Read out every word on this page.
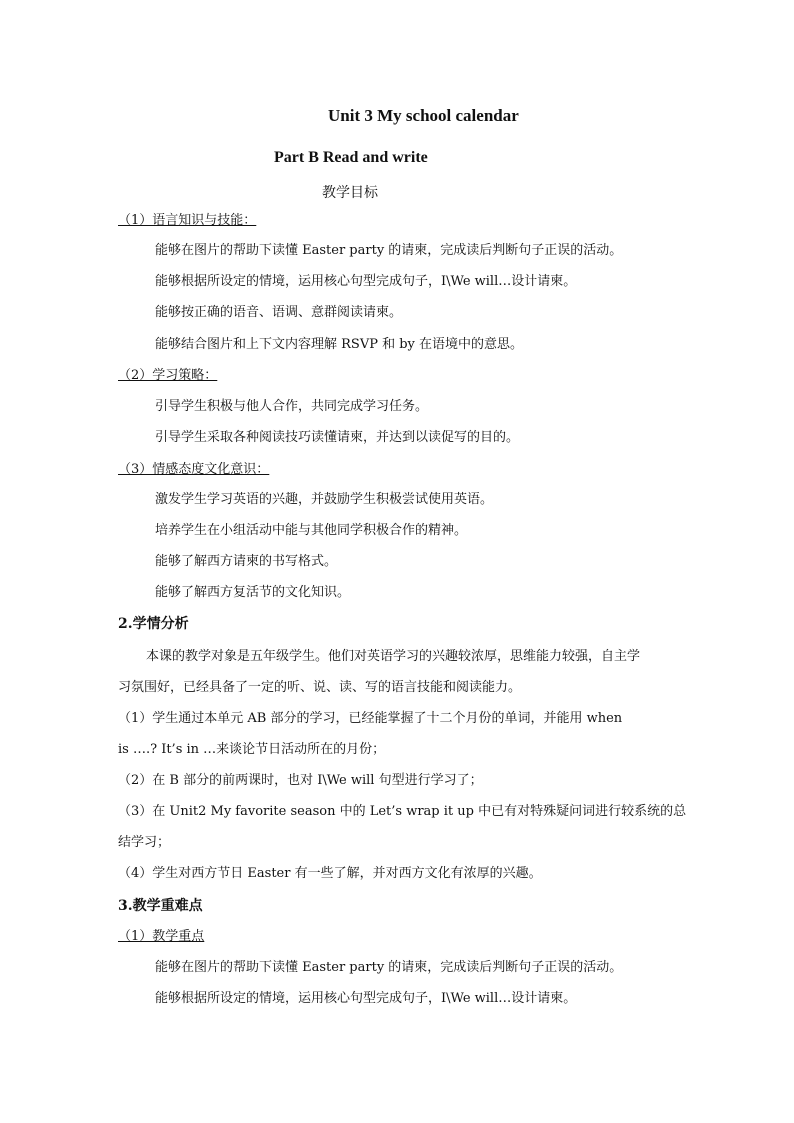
Unit 3 My school calendar
Part B Read and write
教学目标
（1）语言知识与技能：
能够在图片的帮助下读懂 Easter party 的请柬，完成读后判断句子正误的活动。
能够根据所设定的情境，运用核心句型完成句子，I\We will…设计请柬。
能够按正确的语音、语调、意群阅读请柬。
能够结合图片和上下文内容理解 RSVP 和 by 在语境中的意思。
（2）学习策略：
引导学生积极与他人合作，共同完成学习任务。
引导学生采取各种阅读技巧读懂请柬，并达到以读促写的目的。
（3）情感态度文化意识：
激发学生学习英语的兴趣，并鼓励学生积极尝试使用英语。
培养学生在小组活动中能与其他同学积极合作的精神。
能够了解西方请柬的书写格式。
能够了解西方复活节的文化知识。
2.学情分析
本课的教学对象是五年级学生。他们对英语学习的兴趣较浓厚，思维能力较强，自主学
习氛围好，已经具备了一定的听、说、读、写的语言技能和阅读能力。
（1）学生通过本单元 AB 部分的学习，已经能掌握了十二个月份的单词，并能用 when
is ….? It’s in …来谈论节日活动所在的月份；
（2）在 B 部分的前两课时，也对 I\We will 句型进行学习了；
（3）在 Unit2 My favorite season 中的 Let’s wrap it up 中已有对特殊疑问词进行较系统的总
结学习；
（4）学生对西方节日 Easter 有一些了解，并对西方文化有浓厚的兴趣。
3.教学重难点
（1）教学重点
能够在图片的帮助下读懂 Easter party 的请柬，完成读后判断句子正误的活动。
能够根据所设定的情境，运用核心句型完成句子，I\We will…设计请柬。
